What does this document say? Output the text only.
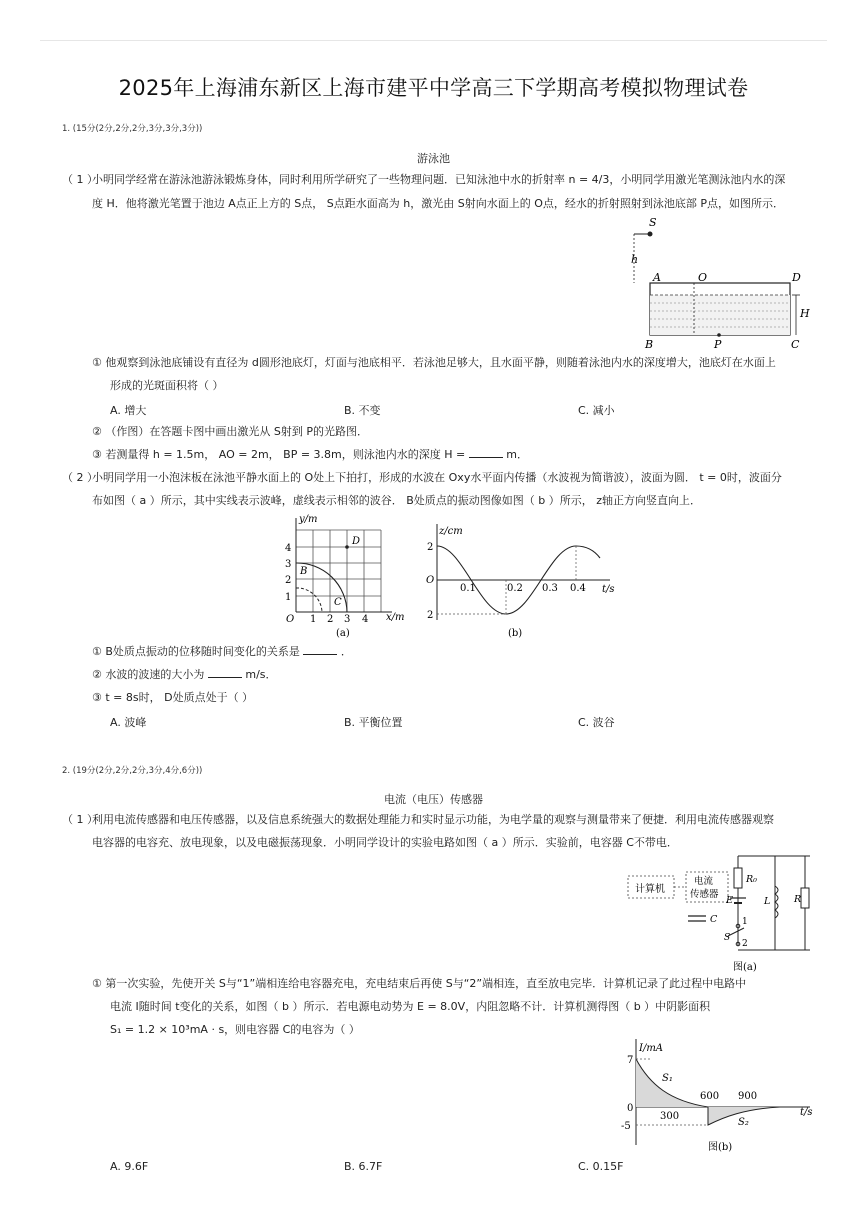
2025年上海浦东新区上海市建平中学高三下学期高考模拟物理试卷
1. (15分(2分,2分,2分,3分,3分,3分))
游泳池
（ 1 ）
小明同学经常在游泳池游泳锻炼身体，同时利用所学研究了一些物理问题．已知泳池中水的折射率 n = 4/3，小明同学用激光笔测泳池内水的深
度 H．他将激光笔置于池边 A点正上方的 S点， S点距水面高为 h，激光由 S射向水面上的 O点，经水的折射照射到泳池底部 P点，如图所示．
S
h
A	O	D
H
B	P	C
① 他观察到泳池底铺设有直径为 d圆形池底灯，灯面与池底相平．若泳池足够大，且水面平静，则随着泳池内水的深度增大，池底灯在水面上
形成的光斑面积将（ ）
A. 增大	B. 不变	C. 减小
② （作图）在答题卡图中画出激光从 S射到 P的光路图．
③ 若测量得 h = 1.5m， AO = 2m， BP = 3.8m，则泳池内水的深度 H =	m．
（ 2 ）
小明同学用一小泡沫板在泳池平静水面上的 O处上下拍打，形成的水波在 Oxy水平面内传播（水波视为简谐波），波面为圆． t = 0时，波面分
布如图（ a ）所示，其中实线表示波峰，虚线表示相邻的波谷． B处质点的振动图像如图（ b ）所示， z轴正方向竖直向上．
D
B
C
y/m
x/m
4
3
2
1
O 1 2 3 4
(a)
z/cm
t/s
2
2
O
0.1	0.2 0.3 0.4
(b)
① B处质点振动的位移随时间变化的关系是	．
② 水波的波速的大小为	m/s．
③ t = 8s时， D处质点处于（ ）
A. 波峰	B. 平衡位置	C. 波谷
2. (19分(2分,2分,2分,3分,4分,6分))
电流（电压）传感器
（ 1 ）
利用电流传感器和电压传感器，以及信息系统强大的数据处理能力和实时显示功能，为电学量的观察与测量带来了便捷．利用电流传感器观察
电容器的电容充、放电现象，以及电磁振荡现象．小明同学设计的实验电路如图（ a ）所示．实验前，电容器 C不带电．
计算机
电流
传感器
R₀
E	L R
C	1
2
S
图(a)
① 第一次实验，先使开关 S与“1”端相连给电容器充电，充电结束后再使 S与“2”端相连，直至放电完毕．计算机记录了此过程中电路中
电流 I随时间 t变化的关系，如图（ b ）所示．若电源电动势为 E = 8.0V，内阻忽略不计．计算机测得图（ b ）中阴影面积
S₁ = 1.2 × 10³mA · s，则电容器 C的电容为（ ）
I/mA
t/s
7
-5
0
300
600 900
S₁
S₂
图(b)
A. 9.6F	B. 6.7F	C. 0.15F
